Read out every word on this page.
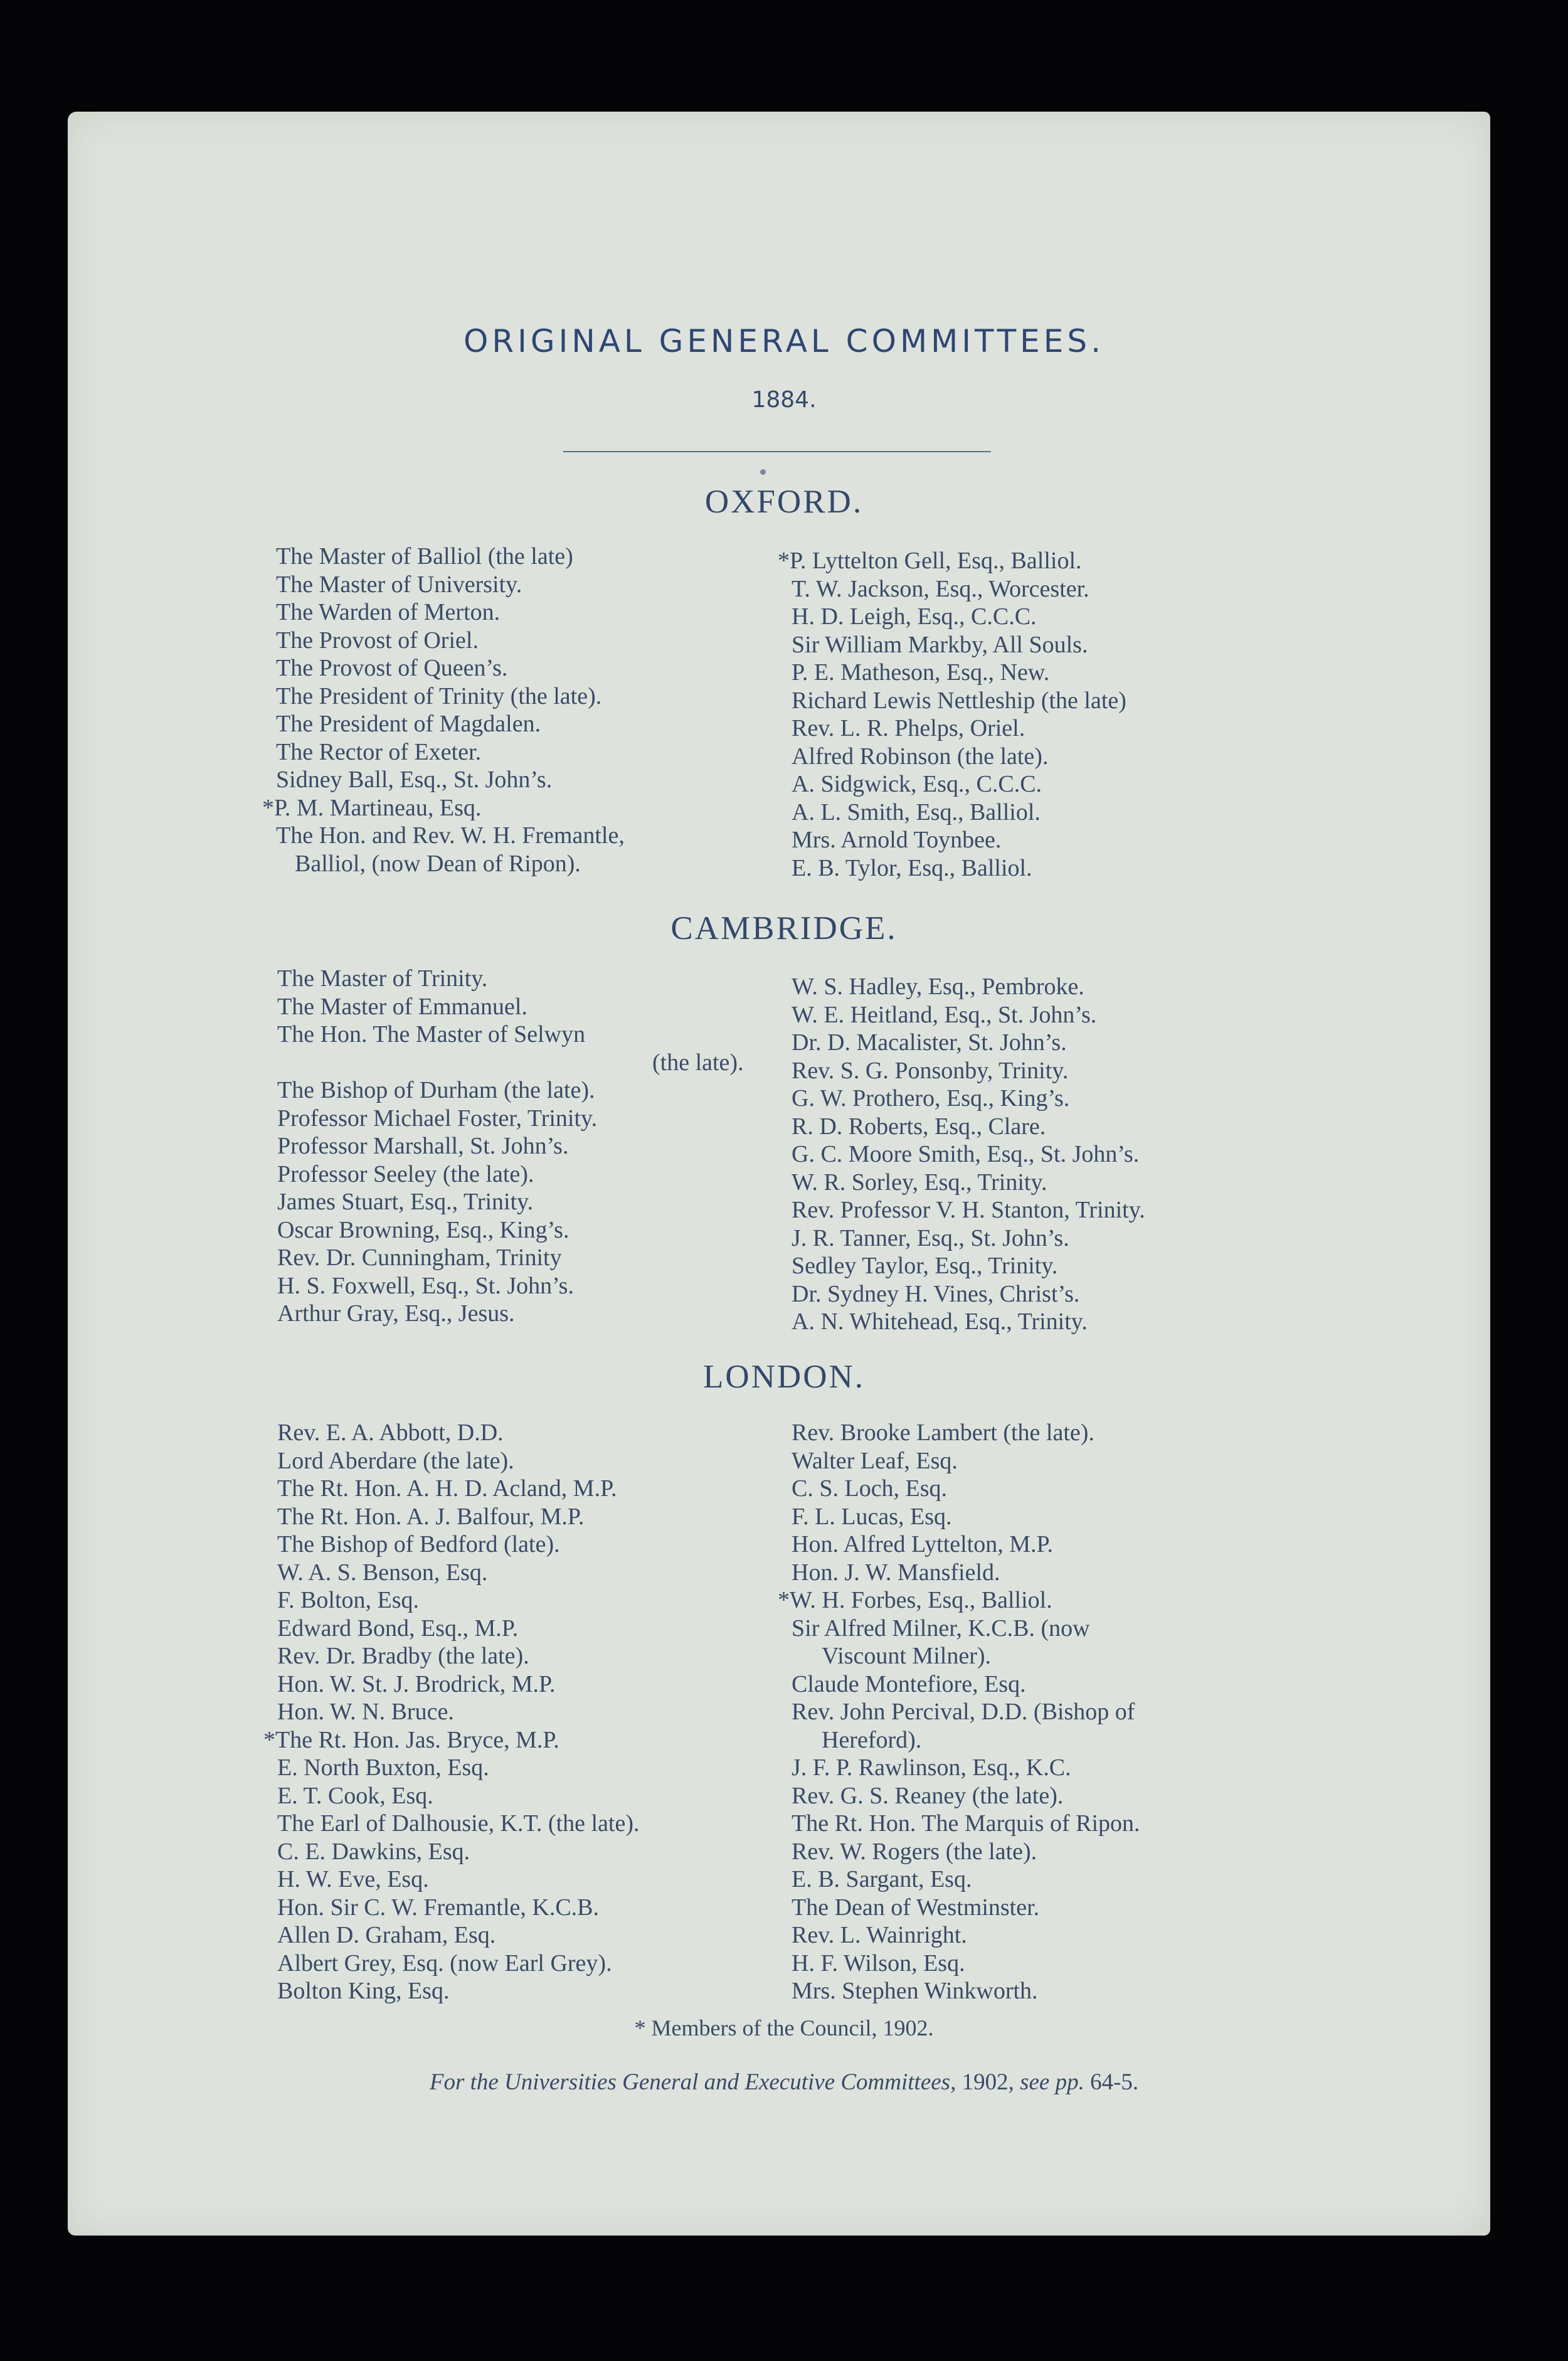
ORIGINAL GENERAL COMMITTEES.
1884.
OXFORD.
The Master of Balliol (the late)
The Master of University.
The Warden of Merton.
The Provost of Oriel.
The Provost of Queen’s.
The President of Trinity (the late).
The President of Magdalen.
The Rector of Exeter.
Sidney Ball, Esq., St. John’s.
*P. M. Martineau, Esq.
The Hon. and Rev. W. H. Fremantle,
Balliol, (now Dean of Ripon).
*P. Lyttelton Gell, Esq., Balliol.
T. W. Jackson, Esq., Worcester.
H. D. Leigh, Esq., C.C.C.
Sir William Markby, All Souls.
P. E. Matheson, Esq., New.
Richard Lewis Nettleship (the late)
Rev. L. R. Phelps, Oriel.
Alfred Robinson (the late).
A. Sidgwick, Esq., C.C.C.
A. L. Smith, Esq., Balliol.
Mrs. Arnold Toynbee.
E. B. Tylor, Esq., Balliol.
CAMBRIDGE.
The Master of Trinity.
The Master of Emmanuel.
The Hon. The Master of Selwyn
(the late).
The Bishop of Durham (the late).
Professor Michael Foster, Trinity.
Professor Marshall, St. John’s.
Professor Seeley (the late).
James Stuart, Esq., Trinity.
Oscar Browning, Esq., King’s.
Rev. Dr. Cunningham, Trinity
H. S. Foxwell, Esq., St. John’s.
Arthur Gray, Esq., Jesus.
W. S. Hadley, Esq., Pembroke.
W. E. Heitland, Esq., St. John’s.
Dr. D. Macalister, St. John’s.
Rev. S. G. Ponsonby, Trinity.
G. W. Prothero, Esq., King’s.
R. D. Roberts, Esq., Clare.
G. C. Moore Smith, Esq., St. John’s.
W. R. Sorley, Esq., Trinity.
Rev. Professor V. H. Stanton, Trinity.
J. R. Tanner, Esq., St. John’s.
Sedley Taylor, Esq., Trinity.
Dr. Sydney H. Vines, Christ’s.
A. N. Whitehead, Esq., Trinity.
LONDON.
Rev. E. A. Abbott, D.D.
Lord Aberdare (the late).
The Rt. Hon. A. H. D. Acland, M.P.
The Rt. Hon. A. J. Balfour, M.P.
The Bishop of Bedford (late).
W. A. S. Benson, Esq.
F. Bolton, Esq.
Edward Bond, Esq., M.P.
Rev. Dr. Bradby (the late).
Hon. W. St. J. Brodrick, M.P.
Hon. W. N. Bruce.
*The Rt. Hon. Jas. Bryce, M.P.
E. North Buxton, Esq.
E. T. Cook, Esq.
The Earl of Dalhousie, K.T. (the late).
C. E. Dawkins, Esq.
H. W. Eve, Esq.
Hon. Sir C. W. Fremantle, K.C.B.
Allen D. Graham, Esq.
Albert Grey, Esq. (now Earl Grey).
Bolton King, Esq.
Rev. Brooke Lambert (the late).
Walter Leaf, Esq.
C. S. Loch, Esq.
F. L. Lucas, Esq.
Hon. Alfred Lyttelton, M.P.
Hon. J. W. Mansfield.
*W. H. Forbes, Esq., Balliol.
Sir Alfred Milner, K.C.B. (now
Viscount Milner).
Claude Montefiore, Esq.
Rev. John Percival, D.D. (Bishop of
Hereford).
J. F. P. Rawlinson, Esq., K.C.
Rev. G. S. Reaney (the late).
The Rt. Hon. The Marquis of Ripon.
Rev. W. Rogers (the late).
E. B. Sargant, Esq.
The Dean of Westminster.
Rev. L. Wainright.
H. F. Wilson, Esq.
Mrs. Stephen Winkworth.
* Members of the Council, 1902.
For the Universities General and Executive Committees, 1902, see pp. 64-5.
